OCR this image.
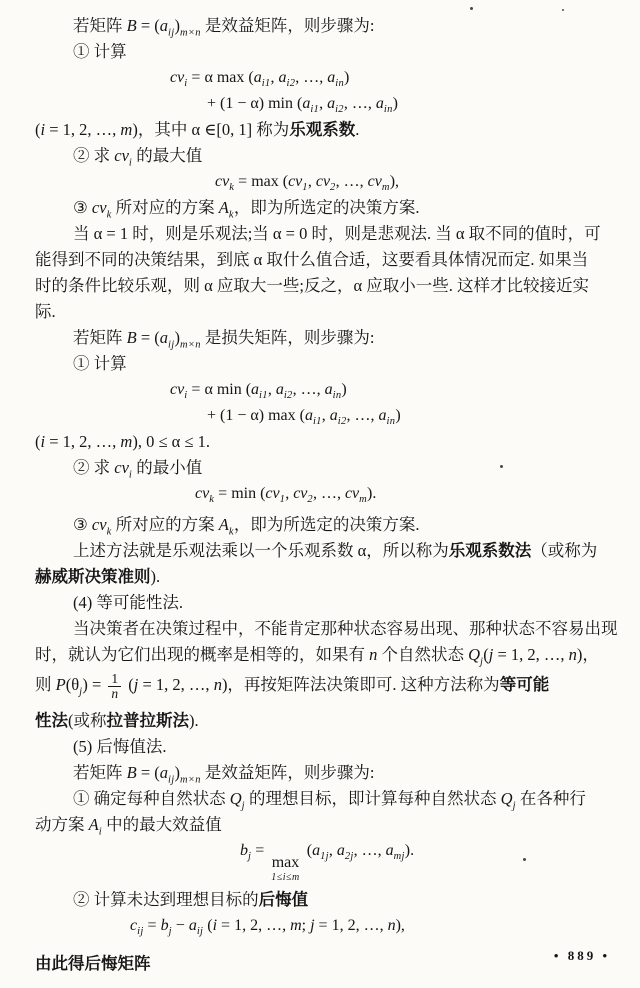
若矩阵 $B = (a_{ij})_{m\times n}$ 是效益矩阵，则步骤为:
① 计算
$cv_i = \alpha$ $\max (a_{i1}$, $a_{i2}$, …, $a_{in}$)
+ (1 − α) $\min (a_{i1}$, $a_{i2}$, …, $a_{in}$)
(i = 1, 2, …, m)，其中 α ∈[0, 1] 称为乐观系数.
② 求 $cv_i$ 的最大值
$cv_k = \max (cv_1$, $cv_2$, …, $cv_m$),
③ $cv_k$ 所对应的方案 $A_k$，即为所选定的决策方案.
当 α = 1 时，则是乐观法;当 α = 0 时，则是悲观法. 当 α 取不同的值时，可
能得到不同的决策结果，到底 α 取什么值合适，这要看具体情况而定. 如果当
时的条件比较乐观，则 α 应取大一些;反之，α 应取小一些. 这样才比较接近实
际.
若矩阵 $B = (a_{ij})_{m\times n}$ 是损失矩阵，则步骤为:
① 计算
$cv_i = \alpha$ $\min (a_{i1}$, $a_{i2}$, …, $a_{in}$)
+ (1 − α) $\max (a_{i1}$, $a_{i2}$, …, $a_{in}$)
(i = 1, 2, …, m), 0 ≤ α ≤ 1.
② 求 $cv_i$ 的最小值
$cv_k = \min (cv_1$, $cv_2$, …, $cv_m$).
③ $cv_k$ 所对应的方案 $A_k$，即为所选定的决策方案.
上述方法就是乐观法乘以一个乐观系数 α，所以称为乐观系数法（或称为
赫威斯决策准则).
(4) 等可能性法.
当决策者在决策过程中，不能肯定那种状态容易出现、那种状态不容易出现
时，就认为它们出现的概率是相等的，如果有 n 个自然状态 $Q_j(j = 1$, 2, …, n)，
则 $P(\theta_j) = \frac{1}{n} (j = 1$, 2, …, n)，再按矩阵法决策即可. 这种方法称为等可能
性法(或称拉普拉斯法).
(5) 后悔值法.
若矩阵 $B = (a_{ij})_{m\times n}$ 是效益矩阵，则步骤为:
① 确定每种自然状态 $Q_j$ 的理想目标，即计算每种自然状态 $Q_j$ 在各种行
动方案 $A_i$ 中的最大效益值
$b_j$ =
max
1≤i≤m
($a_{1j}$, $a_{2j}$, …, $a_{mj}$).
② 计算未达到理想目标的后悔值
$c_{ij} = b_j - a_{ij}$ (i = 1, 2, …, m; j = 1, 2, …, n),
由此得后悔矩阵	• 889 •
